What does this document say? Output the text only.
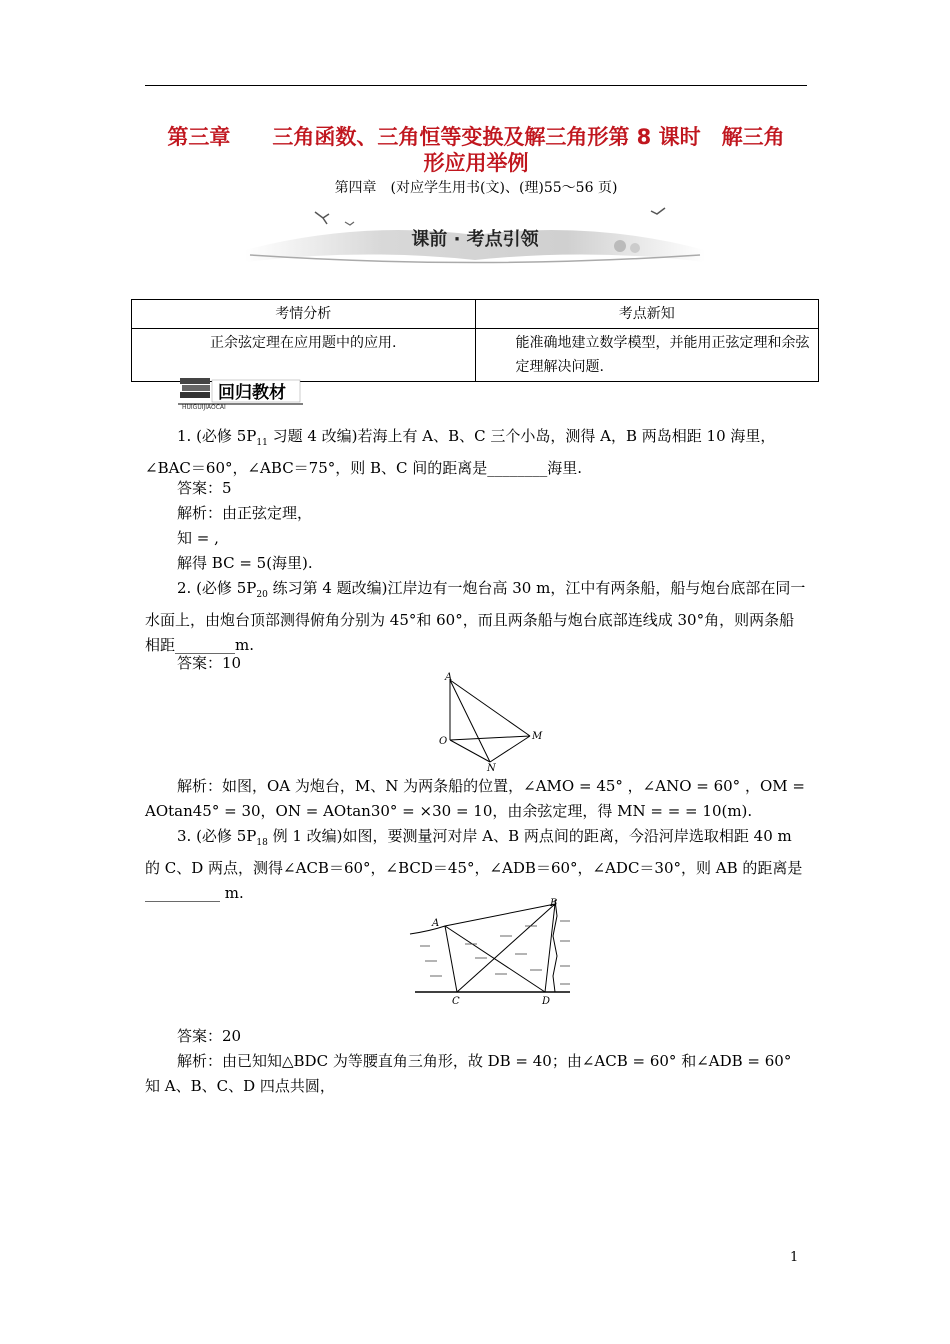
第三章　　三角函数、三角恒等变换及解三角形第 8 课时　解三角
形应用举例
第四章　(对应学生用书(文)、(理)55～56 页)
课前 · 考点引领
考情分析	考点新知
正余弦定理在应用题中的应用.	能准确地建立数学模型，并能用正弦定理和余弦定理解决问题.
回归教材
HUIGUIJIAOCAI
1. (必修 $5P_{11}$ 习题 4 改编)若海上有 A、B、C 三个小岛，测得 A，B 两岛相距 10 海里，∠BAC＝60°，∠ABC＝75°，则 B、C 间的距离是________海里.
答案：5
解析：由正弦定理，
知 = ,
解得 BC = 5(海里).
2. (必修 $5P_{20}$ 练习第 4 题改编)江岸边有一炮台高 30 m，江中有两条船，船与炮台底部在同一水面上，由炮台顶部测得俯角分别为 45°和 60°，而且两条船与炮台底部连线成 30°角，则两条船相距________m.
答案：10
A
O	M
N
解析：如图，OA 为炮台，M、N 为两条船的位置，∠AMO = 45° ，∠ANO = 60° ，OM = AOtan45° = 30，ON = AOtan30° = ×30 = 10，由余弦定理，得 MN = = = 10(m).
3. (必修 $5P_{18}$ 例 1 改编)如图，要测量河对岸 A、B 两点间的距离，今沿河岸选取相距 40 m 的 C、D 两点，测得∠ACB＝60°，∠BCD＝45°，∠ADB＝60°，∠ADC＝30°，则 AB 的距离是__________ m.
A
B
C	D
答案：20
解析：由已知知△BDC 为等腰直角三角形，故 DB = 40；由∠ACB = 60° 和∠ADB = 60° 知 A、B、C、D 四点共圆，
1
